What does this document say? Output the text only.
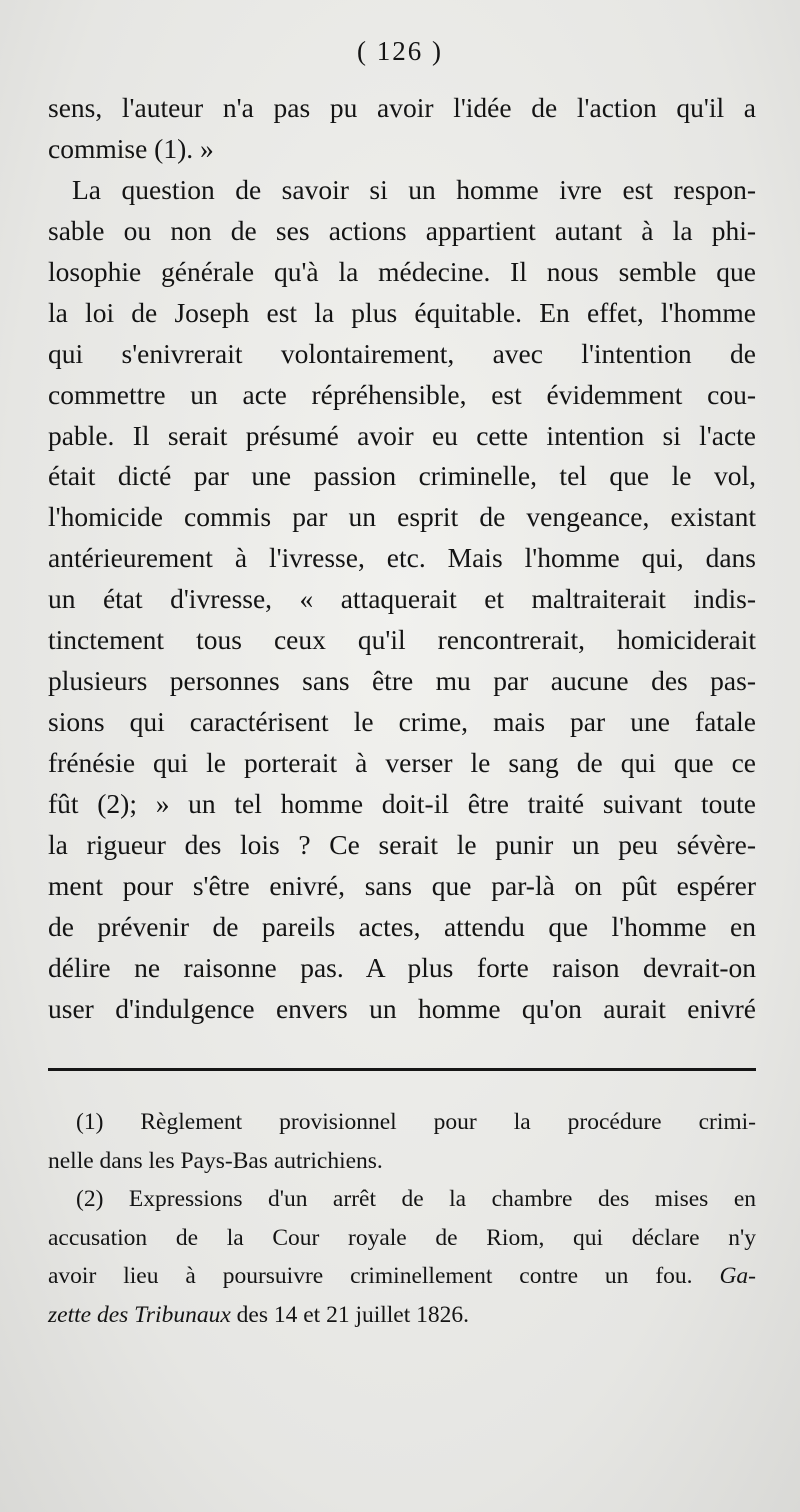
( 126 )
sens, l'auteur n'a pas pu avoir l'idée de l'action qu'il a
commise (1). »
La question de savoir si un homme ivre est respon-
sable ou non de ses actions appartient autant à la phi-
losophie générale qu'à la médecine. Il nous semble que
la loi de Joseph est la plus équitable. En effet, l'homme
qui s'enivrerait volontairement, avec l'intention de
commettre un acte répréhensible, est évidemment cou-
pable. Il serait présumé avoir eu cette intention si l'acte
était dicté par une passion criminelle, tel que le vol,
l'homicide commis par un esprit de vengeance, existant
antérieurement à l'ivresse, etc. Mais l'homme qui, dans
un état d'ivresse, « attaquerait et maltraiterait indis-
tinctement tous ceux qu'il rencontrerait, homiciderait
plusieurs personnes sans être mu par aucune des pas-
sions qui caractérisent le crime, mais par une fatale
frénésie qui le porterait à verser le sang de qui que ce
fût (2); » un tel homme doit-il être traité suivant toute
la rigueur des lois ? Ce serait le punir un peu sévère-
ment pour s'être enivré, sans que par-là on pût espérer
de prévenir de pareils actes, attendu que l'homme en
délire ne raisonne pas. A plus forte raison devrait-on
user d'indulgence envers un homme qu'on aurait enivré
(1) Règlement provisionnel pour la procédure crimi-
nelle dans les Pays-Bas autrichiens.
(2) Expressions d'un arrêt de la chambre des mises en
accusation de la Cour royale de Riom, qui déclare n'y
avoir lieu à poursuivre criminellement contre un fou. Ga-
zette des Tribunaux des 14 et 21 juillet 1826.
